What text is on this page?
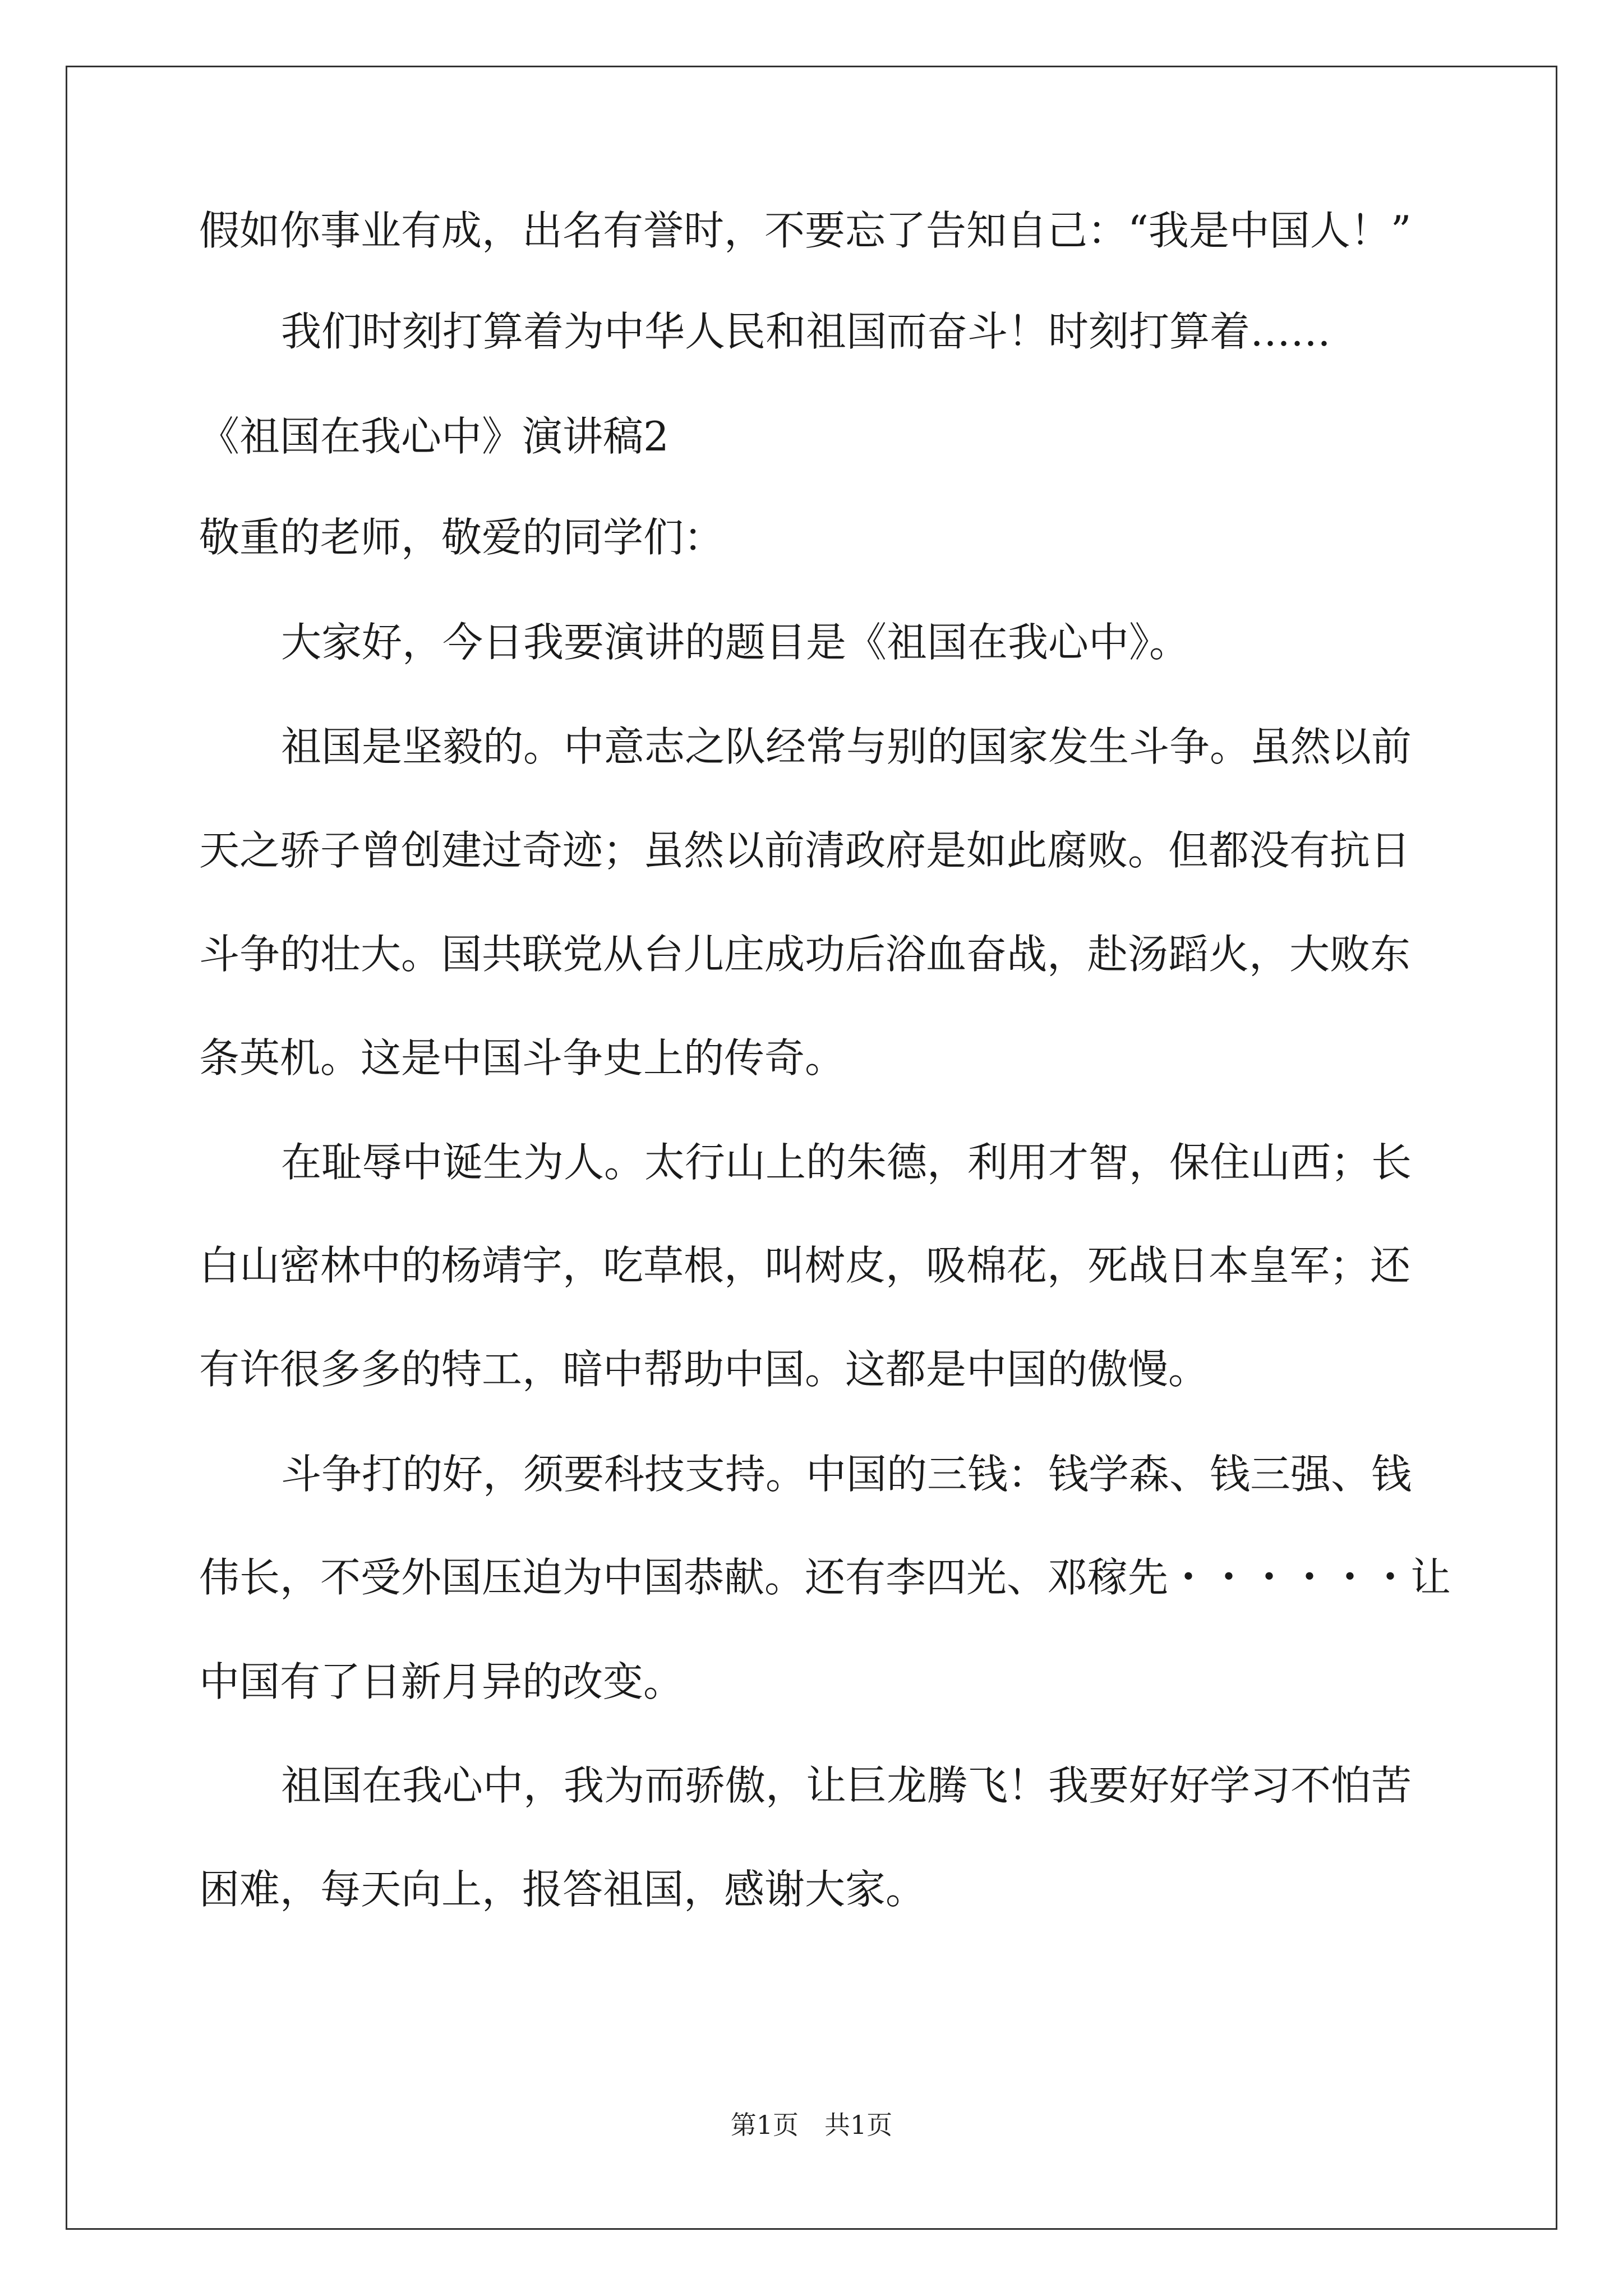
假如你事业有成，出名有誉时，不要忘了告知自己：“我是中国人！”
我们时刻打算着为中华人民和祖国而奋斗！时刻打算着……
《祖国在我心中》演讲稿2
敬重的老师，敬爱的同学们：
大家好，今日我要演讲的题目是《祖国在我心中》。
祖国是坚毅的。中意志之队经常与别的国家发生斗争。虽然以前
天之骄子曾创建过奇迹；虽然以前清政府是如此腐败。但都没有抗日
斗争的壮大。国共联党从台儿庄成功后浴血奋战，赴汤蹈火，大败东
条英机。这是中国斗争史上的传奇。
在耻辱中诞生为人。太行山上的朱德，利用才智，保住山西；长
白山密林中的杨靖宇，吃草根，叫树皮，吸棉花，死战日本皇军；还
有许很多多的特工，暗中帮助中国。这都是中国的傲慢。
斗争打的好，须要科技支持。中国的三钱：钱学森、钱三强、钱
伟长，不受外国压迫为中国恭献。还有李四光、邓稼先・・・・・・让
中国有了日新月异的改变。
祖国在我心中，我为而骄傲，让巨龙腾飞！我要好好学习不怕苦
困难，每天向上，报答祖国，感谢大家。
第1页　共1页
